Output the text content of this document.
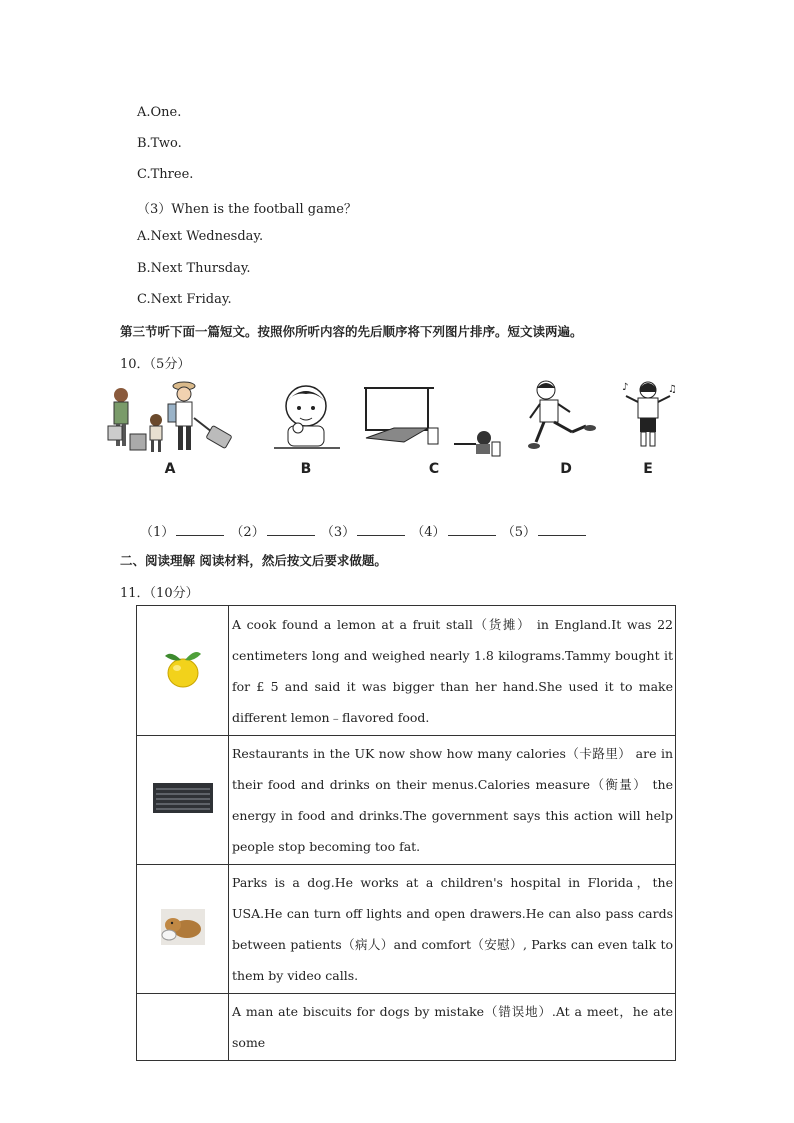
A.One.
B.Two.
C.Three.
（3）When is the football game？
A.Next Wednesday.
B.Next Thursday.
C.Next Friday.
第三节听下面一篇短文。按照你所听内容的先后顺序将下列图片排序。短文读两遍。
10．（5分）
A	B	C	D
♪	♫
E
（1）	（2）	（3）	（4）	（5）
二、阅读理解 阅读材料，然后按文后要求做题。
11．（10分）
	A cook found a lemon at a fruit stall（货摊） in England.It was 22 centimeters long and weighed nearly 1.8 kilograms.Tammy bought it for £ 5 and said it was bigger than her hand.She used it to make different lemon﹣flavored food.
	Restaurants in the UK now show how many calories（卡路里） are in their food and drinks on their menus.Calories measure（衡量） the energy in food and drinks.The government says this action will help people stop becoming too fat.
	Parks is a dog.He works at a children's hospital in Florida，the USA.He can turn off lights and open drawers.He can also pass cards between patients（病人）and comfort（安慰）, Parks can even talk to them by video calls.
	A man ate biscuits for dogs by mistake（错误地）.At a meet，he ate some
